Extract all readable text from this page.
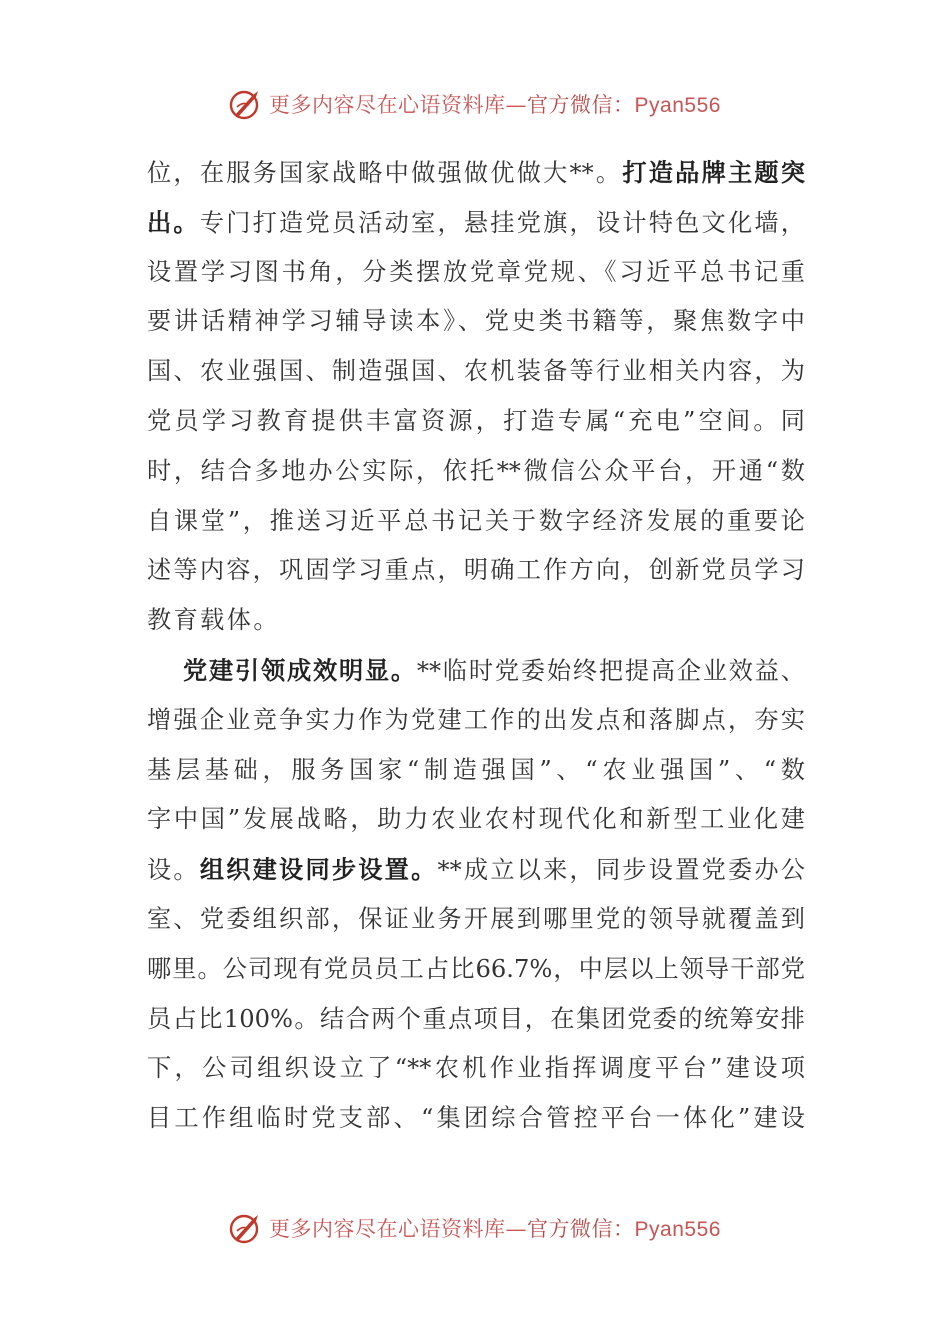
更多内容尽在心语资料库—官方微信：Pyan556
位，在服务国家战略中做强做优做大**。打造品牌主题突
出。专门打造党员活动室，悬挂党旗，设计特色文化墙，
设置学习图书角，分类摆放党章党规、《习近平总书记重
要讲话精神学习辅导读本》、党史类书籍等，聚焦数字中
国、农业强国、制造强国、农机装备等行业相关内容，为
党员学习教育提供丰富资源，打造专属“充电”空间。同
时，结合多地办公实际，依托**微信公众平台，开通“数
自课堂”，推送习近平总书记关于数字经济发展的重要论
述等内容，巩固学习重点，明确工作方向，创新党员学习
教育载体。
党建引领成效明显。**临时党委始终把提高企业效益、
增强企业竞争实力作为党建工作的出发点和落脚点，夯实
基层基础，服务国家“制造强国”、“农业强国”、“数
字中国”发展战略，助力农业农村现代化和新型工业化建
设。组织建设同步设置。**成立以来，同步设置党委办公
室、党委组织部，保证业务开展到哪里党的领导就覆盖到
哪里。公司现有党员员工占比66.7%，中层以上领导干部党
员占比100%。结合两个重点项目，在集团党委的统筹安排
下，公司组织设立了“**农机作业指挥调度平台”建设项
目工作组临时党支部、“集团综合管控平台一体化”建设
更多内容尽在心语资料库—官方微信：Pyan556
